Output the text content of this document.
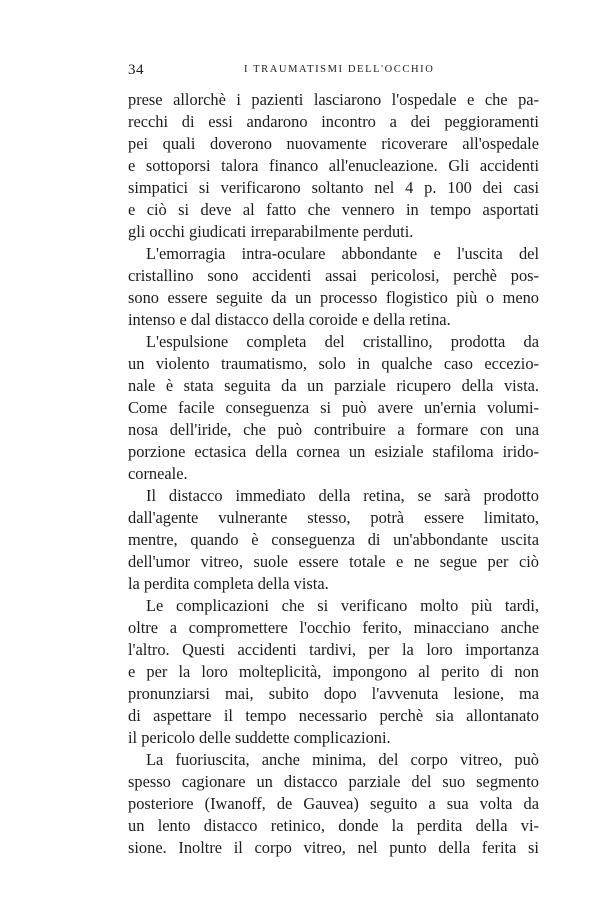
34	I TRAUMATISMI DELL'OCCHIO
prese allorchè i pazienti lasciarono l'ospedale e che pa-
recchi di essi andarono incontro a dei peggioramenti
pei quali doverono nuovamente ricoverare all'ospedale
e sottoporsi talora financo all'enucleazione. Gli accidenti
simpatici si verificarono soltanto nel 4 p. 100 dei casi
e ciò si deve al fatto che vennero in tempo asportati
gli occhi giudicati irreparabilmente perduti.
L'emorragia intra-oculare abbondante e l'uscita del
cristallino sono accidenti assai pericolosi, perchè pos-
sono essere seguite da un processo flogistico più o meno
intenso e dal distacco della coroide e della retina.
L'espulsione completa del cristallino, prodotta da
un violento traumatismo, solo in qualche caso eccezio-
nale è stata seguita da un parziale ricupero della vista.
Come facile conseguenza si può avere un'ernia volumi-
nosa dell'iride, che può contribuire a formare con una
porzione ectasica della cornea un esiziale stafiloma irido-
corneale.
Il distacco immediato della retina, se sarà prodotto
dall'agente vulnerante stesso, potrà essere limitato,
mentre, quando è conseguenza di un'abbondante uscita
dell'umor vitreo, suole essere totale e ne segue per ciò
la perdita completa della vista.
Le complicazioni che si verificano molto più tardi,
oltre a compromettere l'occhio ferito, minacciano anche
l'altro. Questi accidenti tardivi, per la loro importanza
e per la loro molteplicità, impongono al perito di non
pronunziarsi mai, subito dopo l'avvenuta lesione, ma
di aspettare il tempo necessario perchè sia allontanato
il pericolo delle suddette complicazioni.
La fuoriuscita, anche minima, del corpo vitreo, può
spesso cagionare un distacco parziale del suo segmento
posteriore (Iwanoff, de Gauvea) seguito a sua volta da
un lento distacco retinico, donde la perdita della vi-
sione. Inoltre il corpo vitreo, nel punto della ferita si
